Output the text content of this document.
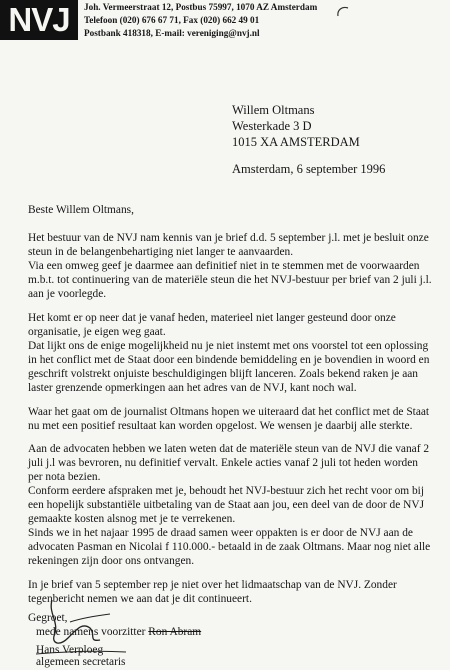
NVJ	Joh. Vermeerstraat 12, Postbus 75997, 1070 AZ Amsterdam
Telefoon (020) 676 67 71, Fax (020) 662 49 01
Postbank 418318, E-mail: vereniging@nvj.nl
Willem Oltmans
Westerkade 3 D
1015 XA AMSTERDAM
Amsterdam, 6 september 1996
Beste Willem Oltmans,
Het bestuur van de NVJ nam kennis van je brief d.d. 5 september j.l. met je besluit onze
steun in de belangenbehartiging niet langer te aanvaarden.
Via een omweg geef je daarmee aan definitief niet in te stemmen met de voorwaarden
m.b.t. tot continuering van de materiële steun die het NVJ-bestuur per brief van 2 juli j.l.
aan je voorlegde.
Het komt er op neer dat je vanaf heden, materieel niet langer gesteund door onze
organisatie, je eigen weg gaat.
Dat lijkt ons de enige mogelijkheid nu je niet instemt met ons voorstel tot een oplossing
in het conflict met de Staat door een bindende bemiddeling en je bovendien in woord en
geschrift volstrekt onjuiste beschuldigingen blijft lanceren. Zoals bekend raken je aan
laster grenzende opmerkingen aan het adres van de NVJ, kant noch wal.
Waar het gaat om de journalist Oltmans hopen we uiteraard dat het conflict met de Staat
nu met een positief resultaat kan worden opgelost. We wensen je daarbij alle sterkte.
Aan de advocaten hebben we laten weten dat de materiële steun van de NVJ die vanaf 2
juli j.l was bevroren, nu definitief vervalt. Enkele acties vanaf 2 juli tot heden worden
per nota bezien.
Conform eerdere afspraken met je, behoudt het NVJ-bestuur zich het recht voor om bij
een hopelijk substantiële uitbetaling van de Staat aan jou, een deel van de door de NVJ
gemaakte kosten alsnog met je te verrekenen.
Sinds we in het najaar 1995 de draad samen weer oppakten is er door de NVJ aan de
advocaten Pasman en Nicolai f 110.000.- betaald in de zaak Oltmans. Maar nog niet alle
rekeningen zijn door ons ontvangen.
In je brief van 5 september rep je niet over het lidmaatschap van de NVJ. Zonder
tegenbericht nemen we aan dat je dit continueert.
Gegroet,
mede namens voorzitter Ron Abram
Hans Verploeg
algemeen secretaris
